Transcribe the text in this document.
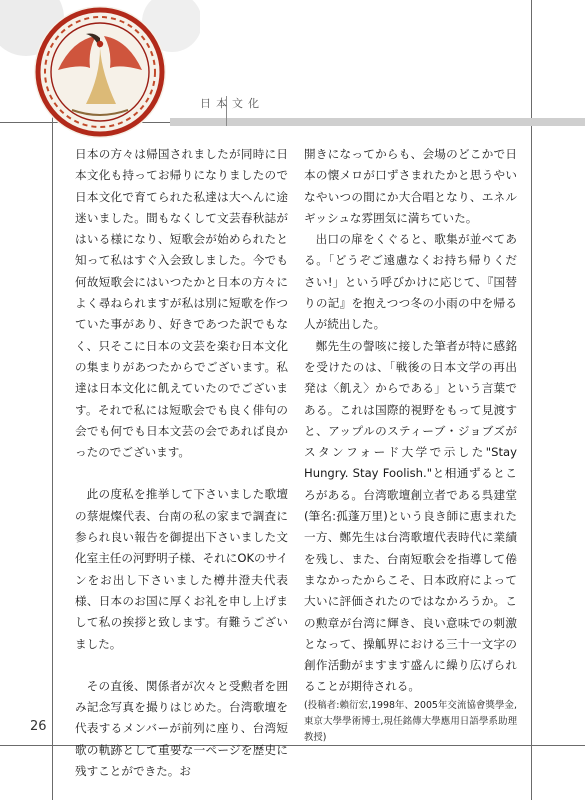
日本文化

日本の方々は帰国されましたが同時に日本文化も持ってお帰りになりましたので日本文化で育てられた私達は大へんに途迷いました。間もなくして文芸春秋誌がはいる様になり、短歌会が始められたと知って私はすぐ入会致しました。今でも何故短歌会にはいつたかと日本の方々によく尋ねられますが私は別に短歌を作つていた事があり、好きであつた訳でもなく、只そこに日本の文芸を楽む日本文化の集まりがあつたからでございます。私達は日本文化に飢えていたのでございます。それで私には短歌会でも良く俳句の会でも何でも日本文芸の会であれば良かったのでございます。

此の度私を推挙して下さいました歌壇の蔡焜燦代表、台南の私の家まで調査に参られ良い報告を御提出下さいました文化室主任の河野明子様、それにOKのサインをお出し下さいました樽井澄夫代表様、日本のお国に厚くお礼を申し上げまして私の挨拶と致します。有難うございました。

その直後、関係者が次々と受勲者を囲み記念写真を撮りはじめた。台湾歌壇を代表するメンバーが前列に座り、台湾短歌の軌跡として重要な一ページを歴史に残すことができた。お

開きになってからも、会場のどこかで日本の懐メロが口ずさまれたかと思うやいなやいつの間にか大合唱となり、エネルギッシュな雰囲気に満ちていた。

出口の扉をくぐると、歌集が並べてある。「どうぞご遠慮なくお持ち帰りください!」という呼びかけに応じて、『国替りの記』を抱えつつ冬の小雨の中を帰る人が続出した。

鄭先生の謦咳に接した筆者が特に感銘を受けたのは、「戦後の日本文学の再出発は〈飢え〉からである」という言葉である。これは国際的視野をもって見渡すと、アップルのスティーブ・ジョブズがスタンフォード大学で示した"Stay Hungry. Stay Foolish."と相通ずるところがある。台湾歌壇創立者である呉建堂(筆名:孤蓬万里)という良き師に恵まれた一方、鄭先生は台湾歌壇代表時代に業績を残し、また、台南短歌会を指導して倦まなかったからこそ、日本政府によって大いに評価されたのではなかろうか。この勲章が台湾に輝き、良い意味での刺激となって、操觚界における三十一文字の創作活動がますます盛んに繰り広げられることが期待される。

(投稿者:賴衍宏,1998年、2005年交流協會獎學金,東京大學學術博士,現任銘傳大學應用日語學系助理教授)

26
